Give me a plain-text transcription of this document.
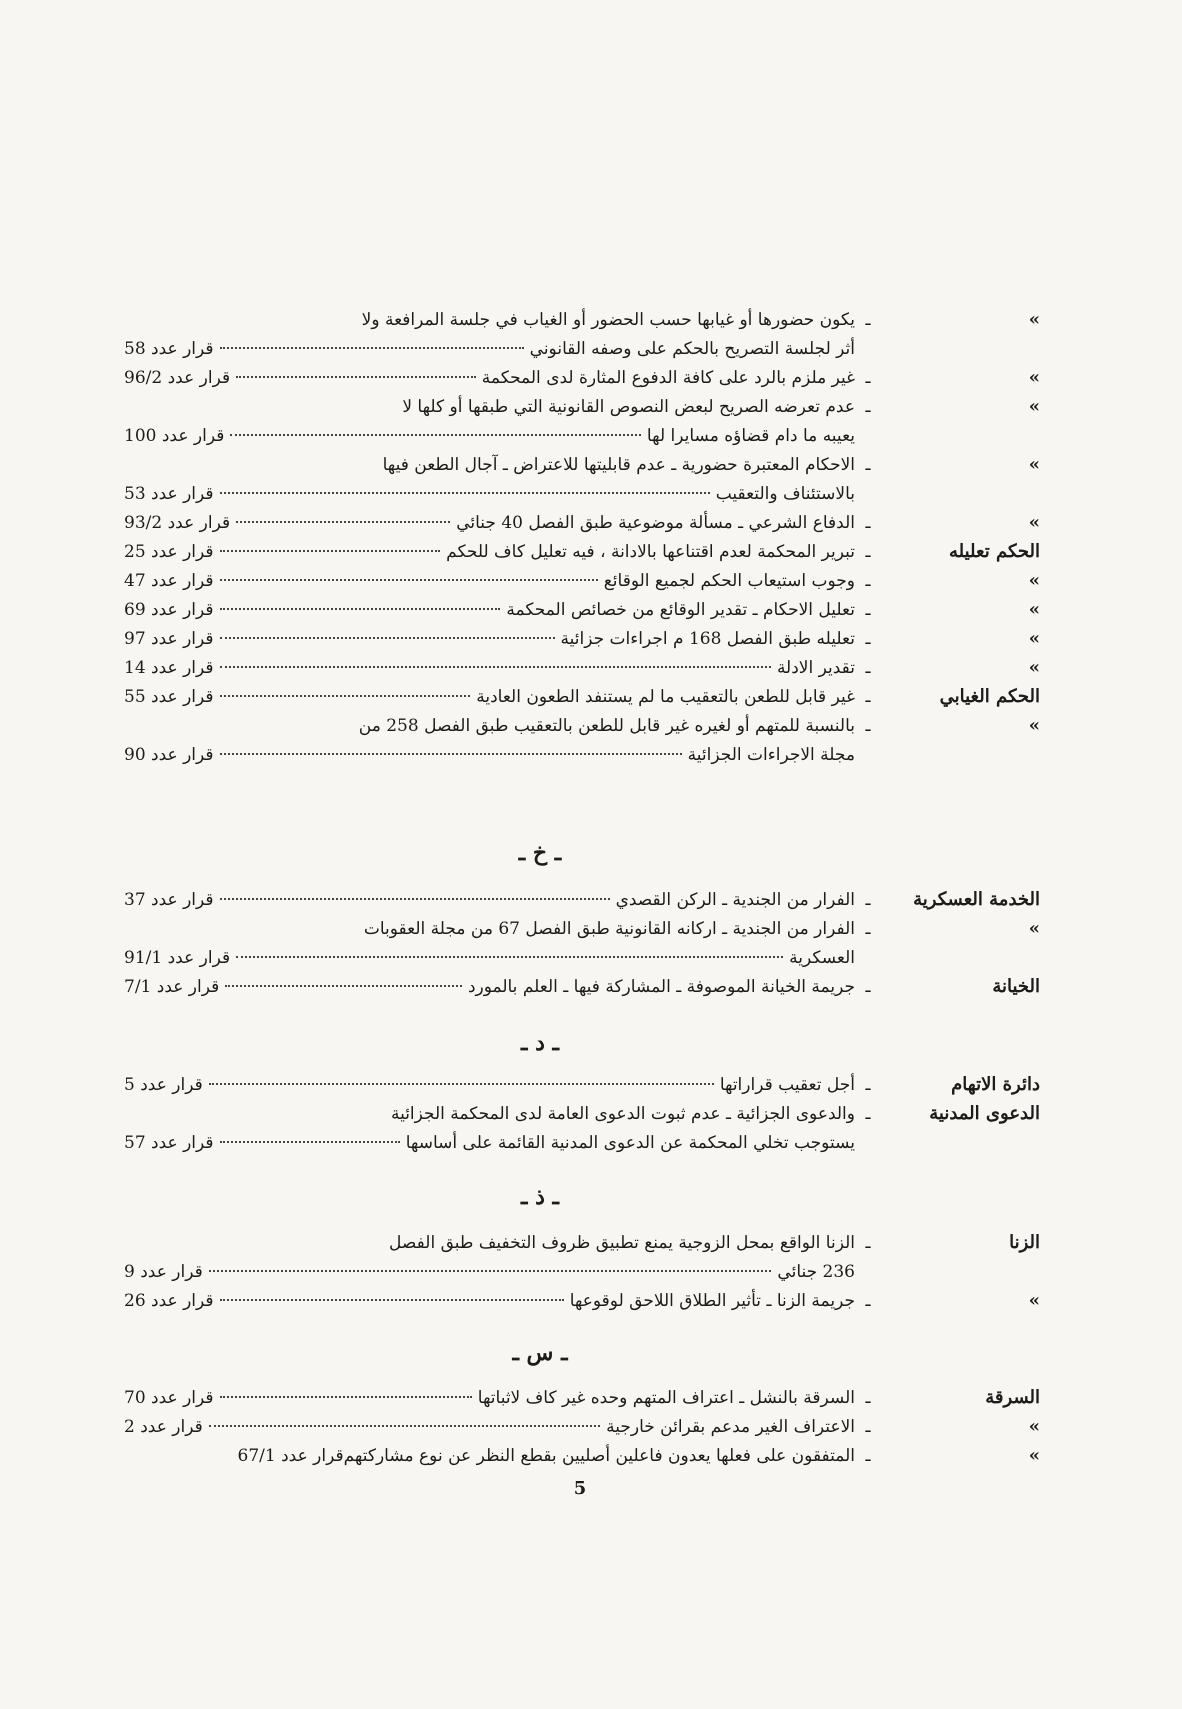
»
ـ
يكون حضورها أو غيابها حسب الحضور أو الغياب في جلسة المرافعة ولا
أثر لجلسة التصريح بالحكم على وصفه القانوني
قرار عدد 58
»
ـ
غير ملزم بالرد على كافة الدفوع المثارة لدى المحكمة
قرار عدد 96/2
»
ـ
عدم تعرضه الصريح لبعض النصوص القانونية التي طبقها أو كلها لا
يعيبه ما دام قضاؤه مسايرا لها
قرار عدد 100
»
ـ
الاحكام المعتبرة حضورية ـ عدم قابليتها للاعتراض ـ آجال الطعن فيها
بالاستئناف والتعقيب
قرار عدد 53
»
ـ
الدفاع الشرعي ـ مسألة موضوعية طبق الفصل 40 جنائي
قرار عدد 93/2
الحكم تعليله
ـ
تبرير المحكمة لعدم اقتناعها بالادانة ، فيه تعليل كاف للحكم
قرار عدد 25
»
ـ
وجوب استيعاب الحكم لجميع الوقائع
قرار عدد 47
»
ـ
تعليل الاحكام ـ تقدير الوقائع من خصائص المحكمة
قرار عدد 69
»
ـ
تعليله طبق الفصل 168 م اجراءات جزائية
قرار عدد 97
»
ـ
تقدير الادلة
قرار عدد 14
الحكم الغيابي
ـ
غير قابل للطعن بالتعقيب ما لم يستنفد الطعون العادية
قرار عدد 55
»
ـ
بالنسبة للمتهم أو لغيره غير قابل للطعن بالتعقيب طبق الفصل 258 من
مجلة الاجراءات الجزائية
قرار عدد 90
ـ خ ـ
الخدمة العسكرية
ـ
الفرار من الجندية ـ الركن القصدي
قرار عدد 37
»
ـ
الفرار من الجندية ـ اركانه القانونية طبق الفصل 67 من مجلة العقوبات
العسكرية
قرار عدد 91/1
الخيانة
ـ
جريمة الخيانة الموصوفة ـ المشاركة فيها ـ العلم بالمورد
قرار عدد 7/1
ـ د ـ
دائرة الاتهام
ـ
أجل تعقيب قراراتها
قرار عدد 5
الدعوى المدنية
ـ
والدعوى الجزائية ـ عدم ثبوت الدعوى العامة لدى المحكمة الجزائية
يستوجب تخلي المحكمة عن الدعوى المدنية القائمة على أساسها
قرار عدد 57
ـ ذ ـ
الزنا
ـ
الزنا الواقع بمحل الزوجية يمنع تطبيق ظروف التخفيف طبق الفصل
236 جنائي
قرار عدد 9
»
ـ
جريمة الزنا ـ تأثير الطلاق اللاحق لوقوعها
قرار عدد 26
ـ س ـ
السرقة
ـ
السرقة بالنشل ـ اعتراف المتهم وحده غير كاف لاثباتها
قرار عدد 70
»
ـ
الاعتراف الغير مدعم بقرائن خارجية
قرار عدد 2
»
ـ
المتفقون على فعلها يعدون فاعلين أصليين بقطع النظر عن نوع مشاركتهم
قرار عدد 67/1
5
